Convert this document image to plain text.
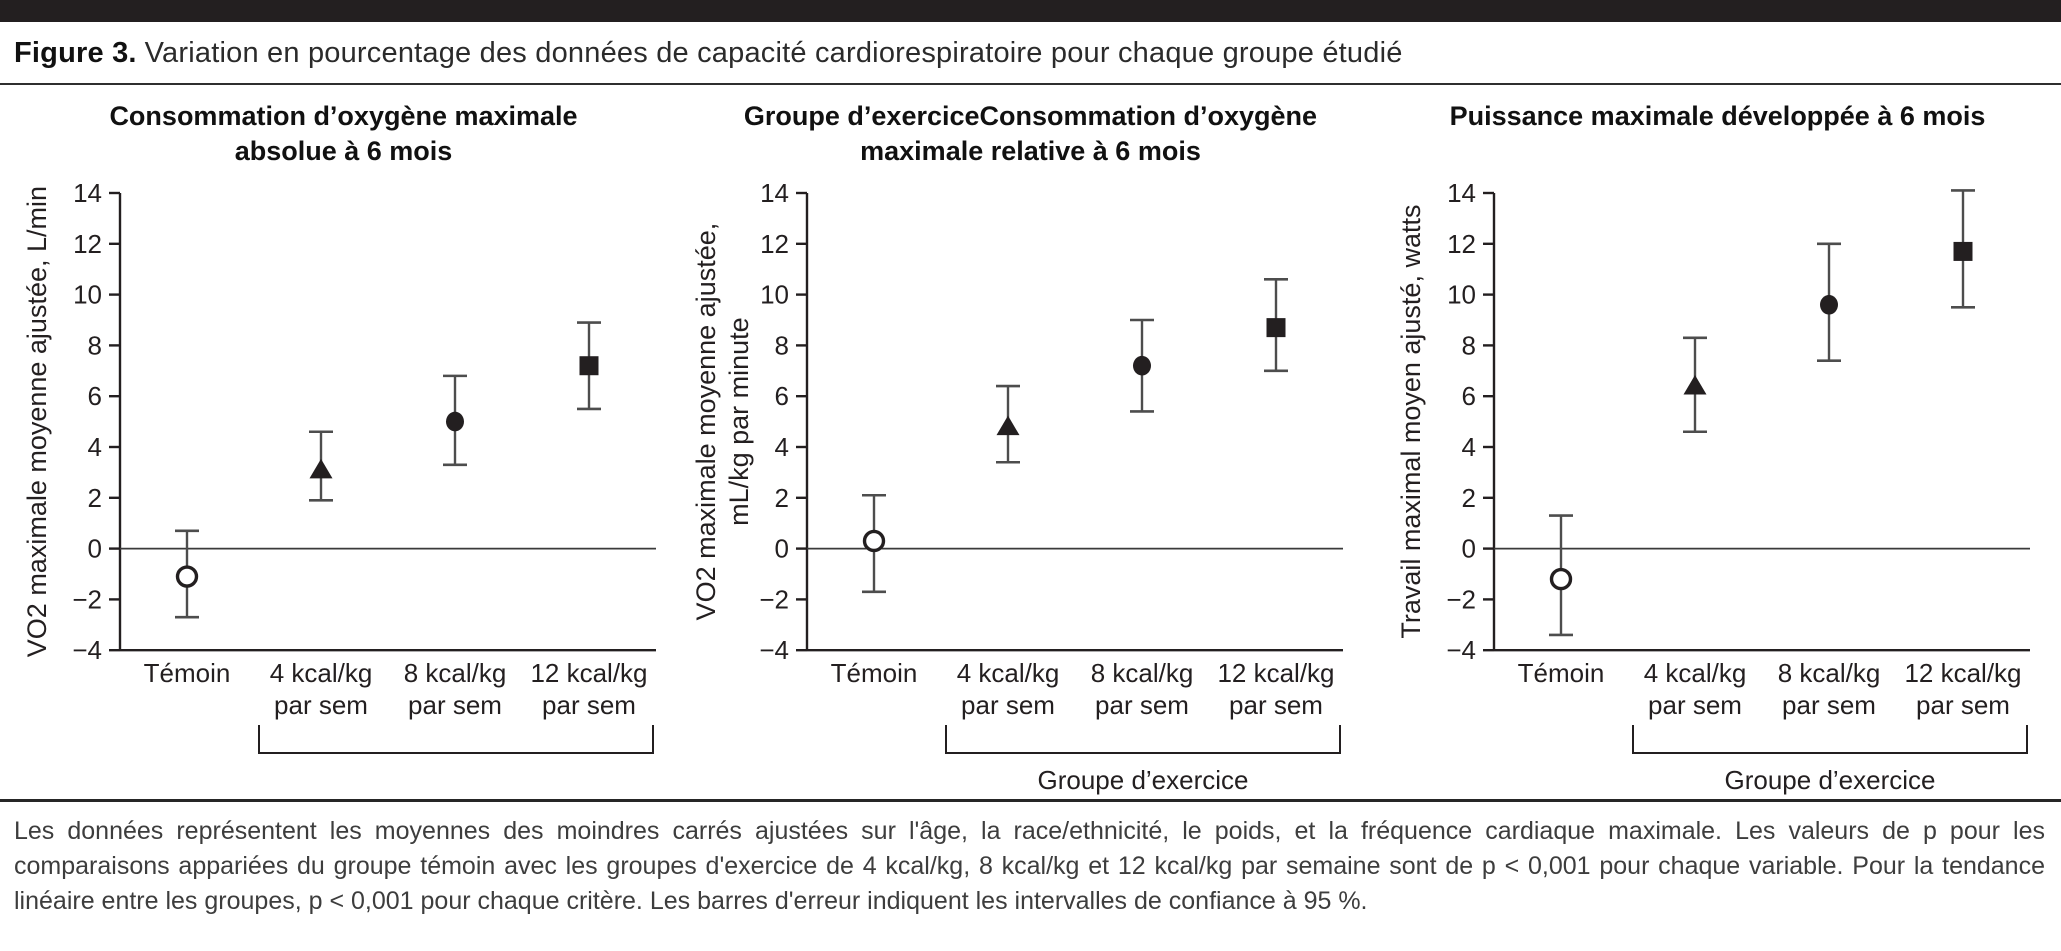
Figure 3. Variation en pourcentage des données de capacité cardiorespiratoire pour chaque groupe étudié
Consommation d’oxygène maximale
absolue à 6 mois
VO2 maximale moyenne ajustée, L/min −4
−2
0
2
4
6
8
10
12
14
Témoin 4 kcal/kg
par sem
8 kcal/kg
par sem
12 kcal/kg
par sem
Groupe d’exerciceConsommation d’oxygène
maximale relative à 6 mois
VO2 maximale moyenne ajustée, mL/kg par minute
−4
−2
0
2
4
6
8
10
12
14
Témoin 4 kcal/kg
par sem
8 kcal/kg
par sem
12 kcal/kg
par sem
Groupe d’exercice
Puissance maximale développée à 6 mois
Travail maximal moyen ajusté, watts
−4
−2
0
2
4
6
8
10
12
14
Témoin 4 kcal/kg
par sem
8 kcal/kg
par sem
12 kcal/kg
par sem
Groupe d’exercice

Les données représentent les moyennes des moindres carrés ajustées sur l'âge, la race/ethnicité, le poids, et la fréquence cardiaque maximale. Les valeurs de p pour les comparaisons appariées du groupe témoin avec les groupes d'exercice de 4 kcal/kg, 8 kcal/kg et 12 kcal/kg par semaine sont de p < 0,001 pour chaque variable. Pour la tendance linéaire entre les groupes, p < 0,001 pour chaque critère. Les barres d'erreur indiquent les intervalles de confiance à 95 %.
